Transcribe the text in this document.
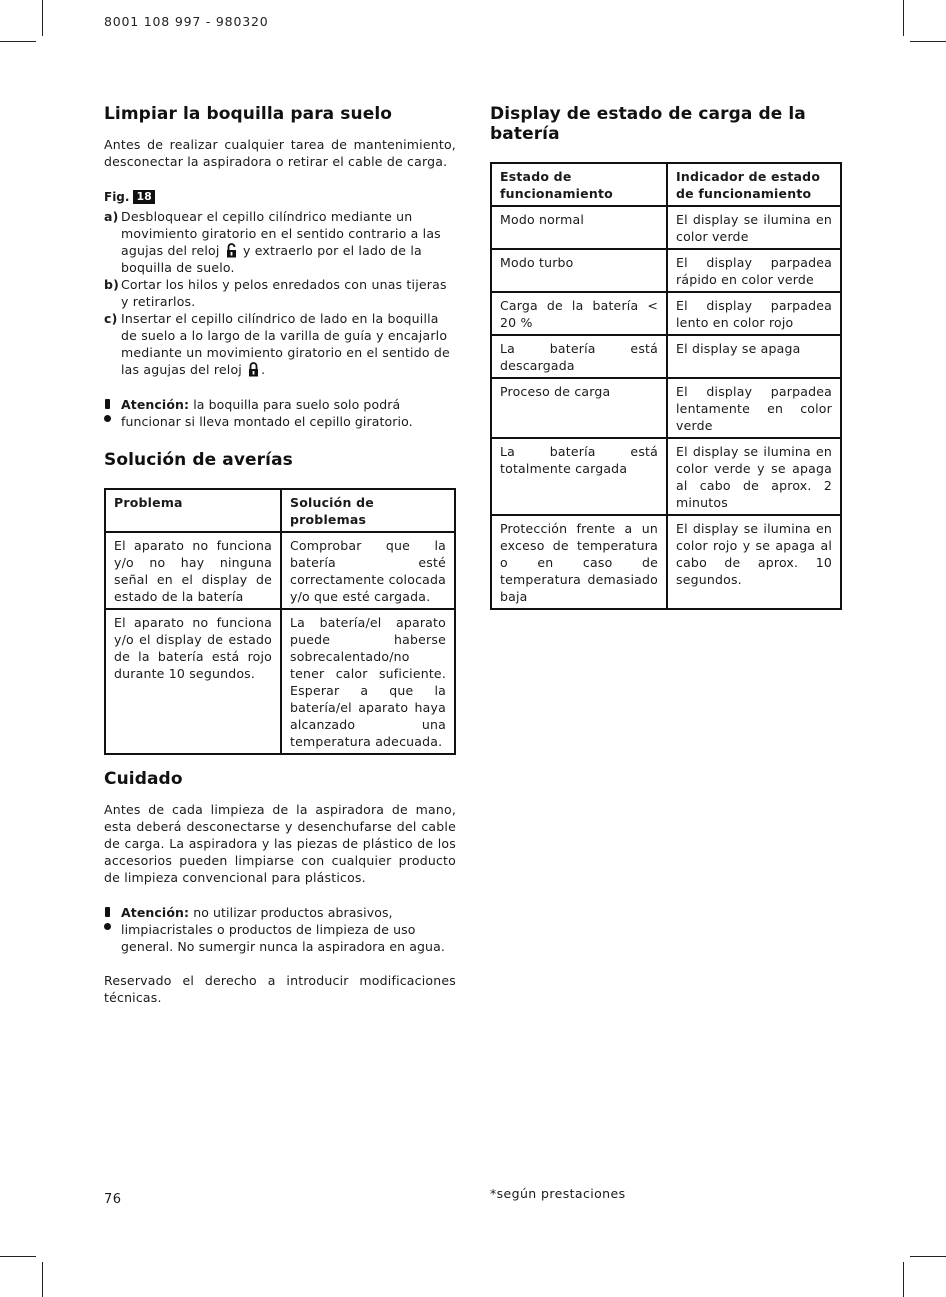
8001 108 997 - 980320
Limpiar la boquilla para suelo

Antes de realizar cualquier tarea de mantenimiento, desconectar la aspiradora o retirar el cable de carga.

Fig. 18
a) Desbloquear el cepillo cilíndrico mediante un movimiento giratorio en el sentido contrario a las agujas del reloj y extraerlo por el lado de la boquilla de suelo.
b) Cortar los hilos y pelos enredados con unas tijeras y retirarlos.
c) Insertar el cepillo cilíndrico de lado en la boquilla de suelo a lo largo de la varilla de guía y encajarlo mediante un movimiento giratorio en el sentido de las agujas del reloj .
Atención: la boquilla para suelo solo podrá funcionar si lleva montado el cepillo giratorio.
Solución de averías
Problema	Solución de problemas
El aparato no funciona y/o no hay ninguna señal en el display de estado de la batería	Comprobar que la batería esté correctamente colocada y/o que esté cargada.
El aparato no funciona y/o el display de estado de la batería está rojo durante 10 segundos.	La batería/el aparato puede haberse sobrecalentado/no tener calor suficiente. Esperar a que la batería/el aparato haya alcanzado una temperatura adecuada.
Cuidado

Antes de cada limpieza de la aspiradora de mano, esta deberá desconectarse y desenchufarse del cable de carga. La aspiradora y las piezas de plástico de los accesorios pueden limpiarse con cualquier producto de limpieza convencional para plásticos.

Atención: no utilizar productos abrasivos, limpiacristales o productos de limpieza de uso general. No sumergir nunca la aspiradora en agua.

Reservado el derecho a introducir modificaciones técnicas.

Display de estado de carga de la batería
Estado de funcionamiento	Indicador de estado de funcionamiento
Modo normal	El display se ilumina en color verde
Modo turbo	El display parpadea rápido en color verde
Carga de la batería < 20 %	El display parpadea lento en color rojo
La batería está descargada	El display se apaga
Proceso de carga	El display parpadea lentamente en color verde
La batería está totalmente cargada	El display se ilumina en color verde y se apaga al cabo de aprox. 2 minutos
Protección frente a un exceso de temperatura o en caso de temperatura demasiado baja	El display se ilumina en color rojo y se apaga al cabo de aprox. 10 segundos.
76	*según prestaciones
